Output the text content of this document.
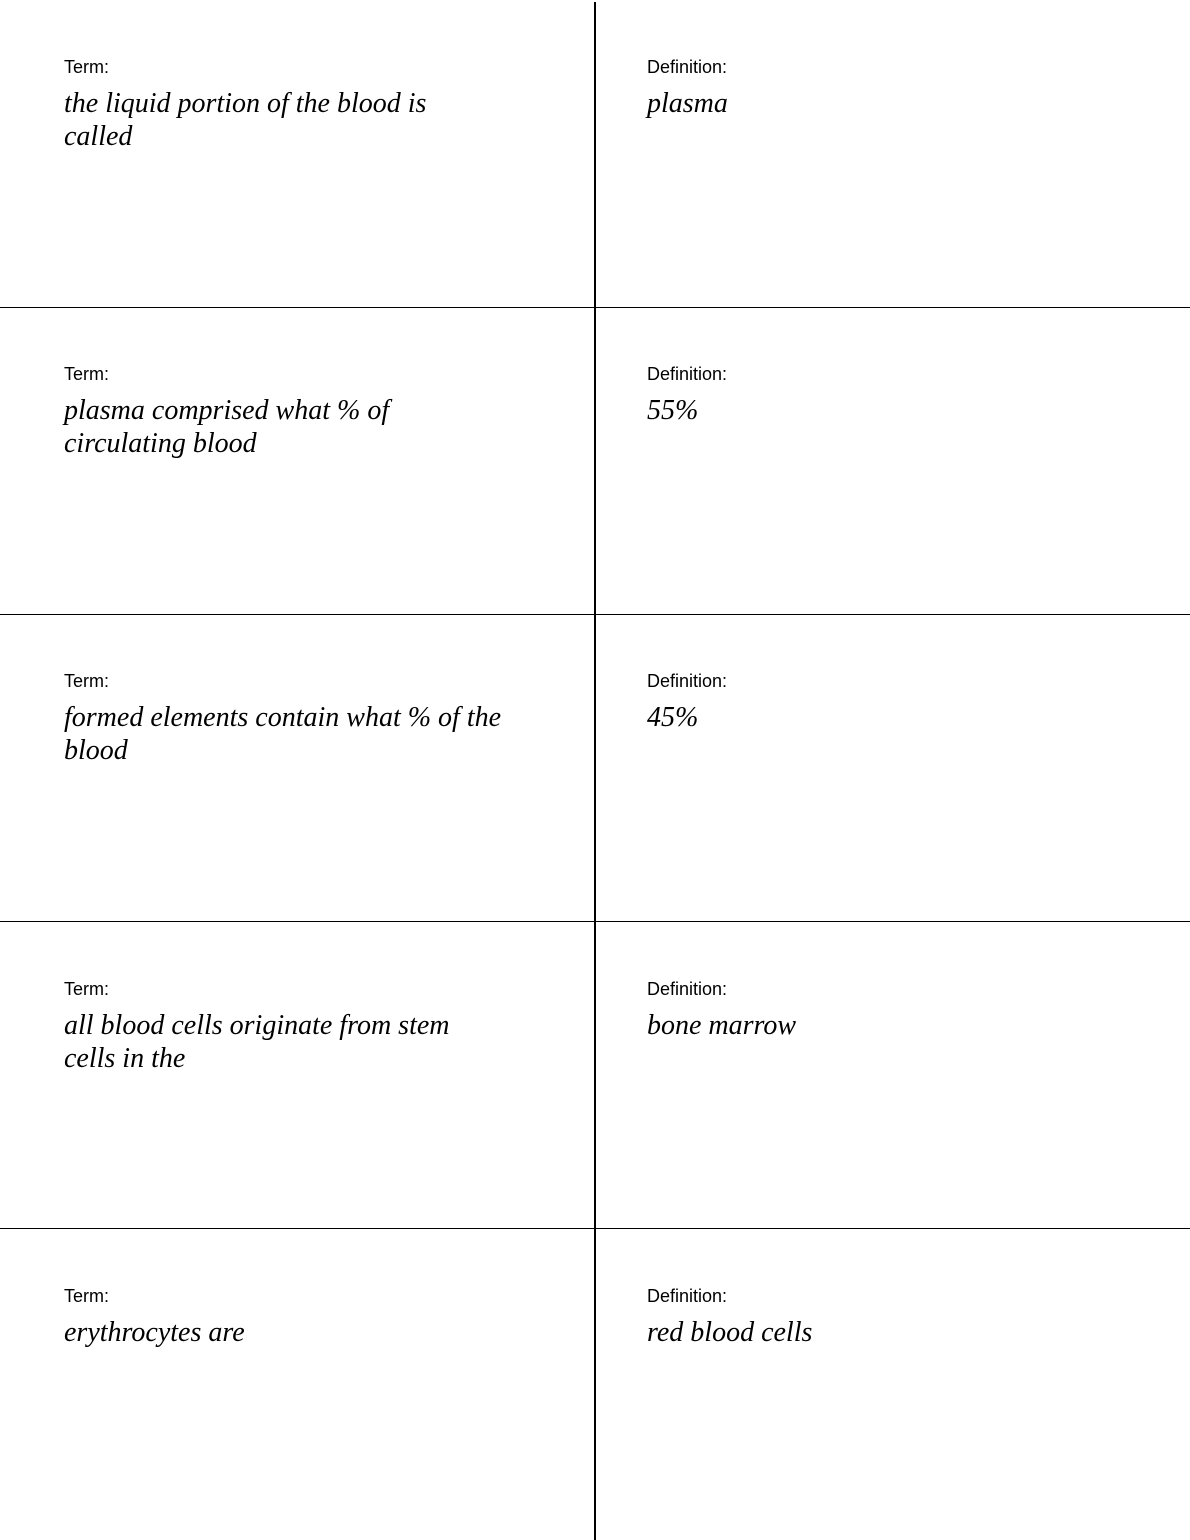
Term:
the liquid portion of the blood is called
Definition:
plasma
Term:
plasma comprised what % of circulating blood
Definition:
55%
Term:
formed elements contain what % of the blood
Definition:
45%
Term:
all blood cells originate from stem cells in the
Definition:
bone marrow
Term:
erythrocytes are
Definition:
red blood cells
